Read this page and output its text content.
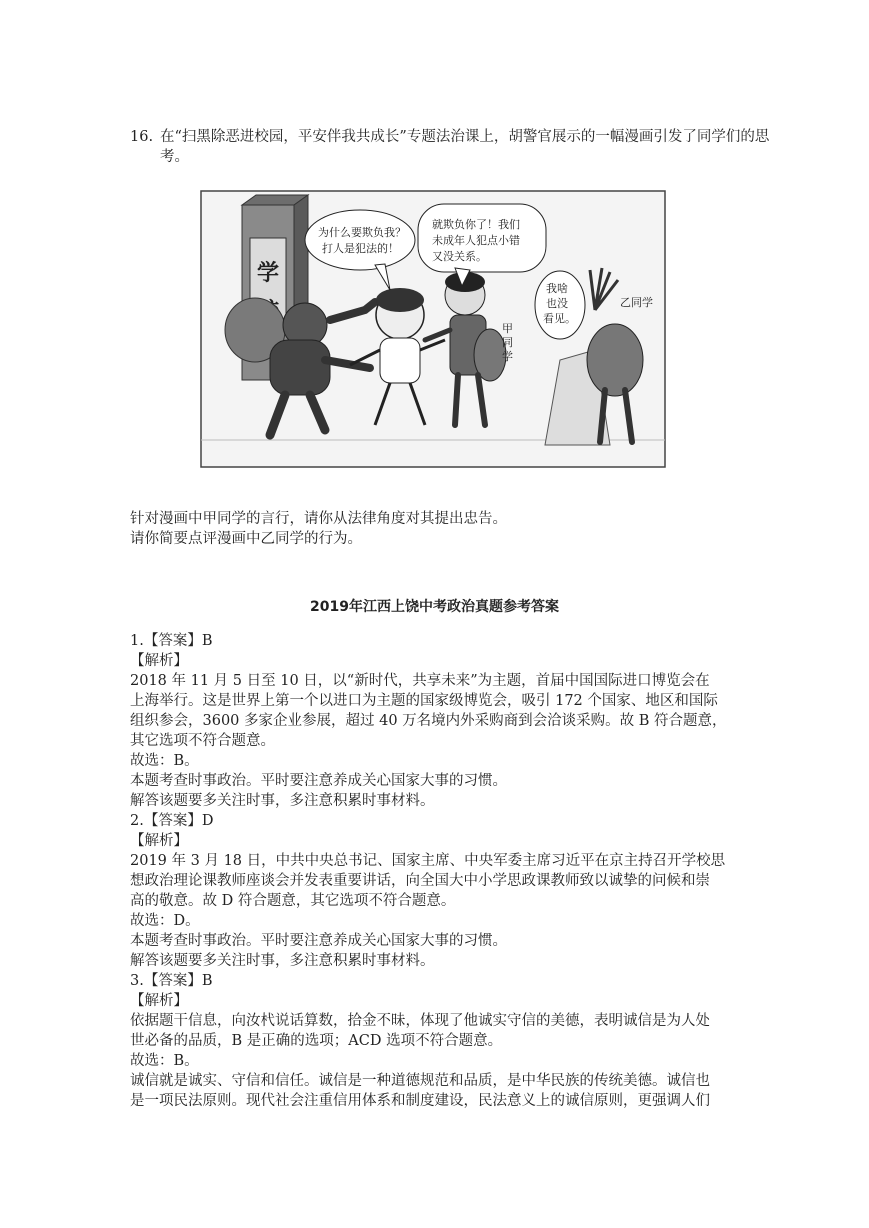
16. 在“扫黑除恶进校园，平安伴我共成长”专题法治课上，胡警官展示的一幅漫画引发了同学们的思考。
学
甲
同
学
乙同学
为什么要欺负我？
打人是犯法的！
就欺负你了！我们
未成年人犯点小错
又没关系。
我啥
也没
看见。
针对漫画中甲同学的言行，请你从法律角度对其提出忠告。
请你简要点评漫画中乙同学的行为。
2019年江西上饶中考政治真题参考答案
1.【答案】B
【解析】
2018 年 11 月 5 日至 10 日，以“新时代，共享未来”为主题，首届中国国际进口博览会在
上海举行。这是世界上第一个以进口为主题的国家级博览会，吸引 172 个国家、地区和国际
组织参会，3600 多家企业参展，超过 40 万名境内外采购商到会洽谈采购。故 B 符合题意，
其它选项不符合题意。
故选：B。
本题考查时事政治。平时要注意养成关心国家大事的习惯。
解答该题要多关注时事，多注意积累时事材料。
2.【答案】D
【解析】
2019 年 3 月 18 日，中共中央总书记、国家主席、中央军委主席习近平在京主持召开学校思
想政治理论课教师座谈会并发表重要讲话，向全国大中小学思政课教师致以诚挚的问候和崇
高的敬意。故 D 符合题意，其它选项不符合题意。
故选：D。
本题考查时事政治。平时要注意养成关心国家大事的习惯。
解答该题要多关注时事，多注意积累时事材料。
3.【答案】B
【解析】
依据题干信息，向汝杙说话算数，拾金不昧，体现了他诚实守信的美德，表明诚信是为人处
世必备的品质，B 是正确的选项；ACD 选项不符合题意。
故选：B。
诚信就是诚实、守信和信任。诚信是一种道德规范和品质，是中华民族的传统美德。诚信也
是一项民法原则。现代社会注重信用体系和制度建设，民法意义上的诚信原则，更强调人们
